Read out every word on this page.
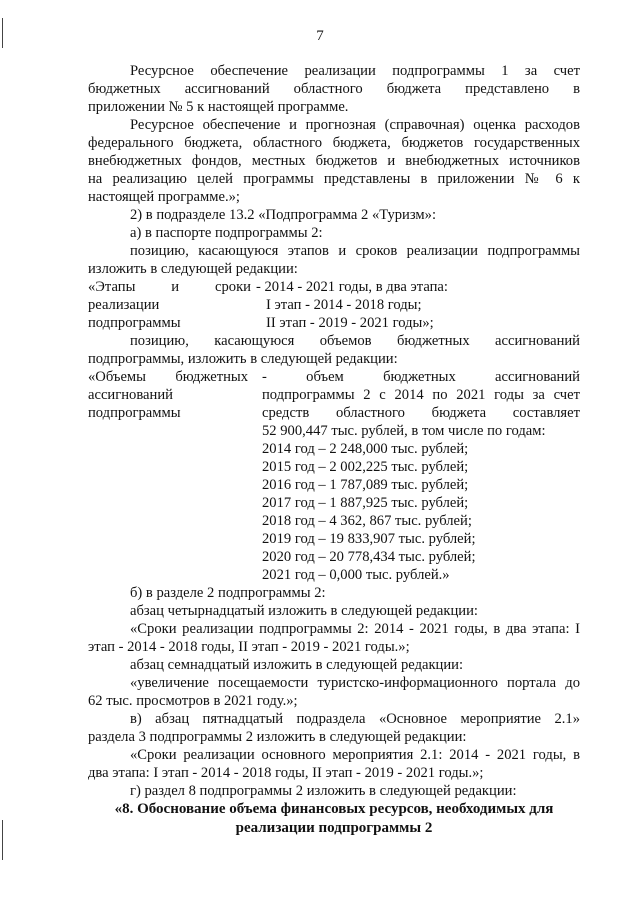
7
Ресурсное обеспечение реализации подпрограммы 1 за счет
бюджетных ассигнований областного бюджета представлено в
приложении № 5 к настоящей программе.
Ресурсное обеспечение и прогнозная (справочная) оценка расходов
федерального бюджета, областного бюджета, бюджетов государственных
внебюджетных фондов, местных бюджетов и внебюджетных источников
на реализацию целей программы представлены в приложении № 6 к
настоящей программе.»;
2) в подразделе 13.2 «Подпрограмма 2 «Туризм»:
а) в паспорте подпрограммы 2:
позицию, касающуюся этапов и сроков реализации подпрограммы
изложить в следующей редакции:
«Этапы и сроки
реализации
подпрограммы
- 2014 - 2021 годы, в два этапа:
I этап - 2014 - 2018 годы;
II этап - 2019 - 2021 годы»;
позицию, касающуюся объемов бюджетных ассигнований
подпрограммы, изложить в следующей редакции:
«Объемы бюджетных
ассигнований
подпрограммы
- объем бюджетных ассигнований
подпрограммы 2 с 2014 по 2021 годы за счет
средств областного бюджета составляет
52 900,447 тыс. рублей, в том числе по годам:
2014 год – 2 248,000 тыс. рублей;
2015 год – 2 002,225 тыс. рублей;
2016 год – 1 787,089 тыс. рублей;
2017 год – 1 887,925 тыс. рублей;
2018 год – 4 362, 867 тыс. рублей;
2019 год – 19 833,907 тыс. рублей;
2020 год – 20 778,434 тыс. рублей;
2021 год – 0,000 тыс. рублей.»
б) в разделе 2 подпрограммы 2:
абзац четырнадцатый изложить в следующей редакции:
«Сроки реализации подпрограммы 2: 2014 - 2021 годы, в два этапа: I
этап - 2014 - 2018 годы, II этап - 2019 - 2021 годы.»;
абзац семнадцатый изложить в следующей редакции:
«увеличение посещаемости туристско-информационного портала до
62 тыс. просмотров в 2021 году.»;
в) абзац пятнадцатый подраздела «Основное мероприятие 2.1»
раздела 3 подпрограммы 2 изложить в следующей редакции:
«Сроки реализации основного мероприятия 2.1: 2014 - 2021 годы, в
два этапа: I этап - 2014 - 2018 годы, II этап - 2019 - 2021 годы.»;
г) раздел 8 подпрограммы 2 изложить в следующей редакции:
«8. Обоснование объема финансовых ресурсов, необходимых для
реализации подпрограммы 2
